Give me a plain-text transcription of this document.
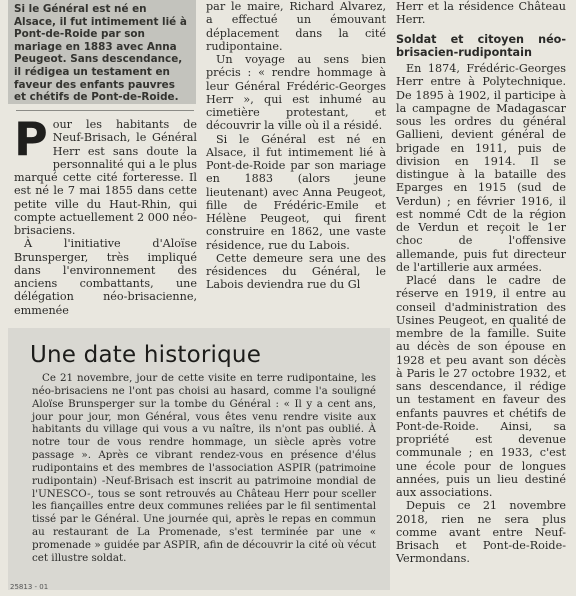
Si le Général est né en Alsace, il fut intimement lié à Pont-de-Roide par son mariage en 1883 avec Anna Peugeot. Sans descendance, il rédigea un testament en faveur des enfants pauvres et chétifs de Pont-de-Roide.

Pour les habitants de Neuf-Brisach, le Général Herr est sans doute la personnalité qui a le plus marqué cette cité forteresse. Il est né le 7 mai 1855 dans cette petite ville du Haut-Rhin, qui compte actuellement 2 000 néo-brisaciens.

À l'initiative d'Aloïse Brunsperger, très impliqué dans l'environnement des anciens combattants, une délégation néo-brisacienne, emmenée

par le maire, Richard Alvarez, a effectué un émouvant déplacement dans la cité rudipontaine.

Un voyage au sens bien précis : « rendre hommage à leur Général Frédéric-Georges Herr », qui est inhumé au cimetière protestant, et découvrir la ville où il a résidé.

Si le Général est né en Alsace, il fut intimement lié à Pont-de-Roide par son mariage en 1883 (alors jeune lieutenant) avec Anna Peugeot, fille de Frédéric-Emile et Hélène Peugeot, qui firent construire en 1862, une vaste résidence, rue du Labois.

Cette demeure sera une des résidences du Général, le Labois deviendra rue du Gl

Herr et la résidence Château Herr.

Soldat et citoyen néo-brisacien-rudipontain

En 1874, Frédéric-Georges Herr entre à Polytechnique. De 1895 à 1902, il participe à la campagne de Madagascar sous les ordres du général Gallieni, devient général de brigade en 1911, puis de division en 1914. Il se distingue à la bataille des Eparges en 1915 (sud de Verdun) ; en février 1916, il est nommé Cdt de la région de Verdun et reçoit le 1er choc de l'offensive allemande, puis fut directeur de l'artillerie aux armées.

Placé dans le cadre de réserve en 1919, il entre au conseil d'administration des Usines Peugeot, en qualité de membre de la famille. Suite au décès de son épouse en 1928 et peu avant son décès à Paris le 27 octobre 1932, et sans descendance, il rédige un testament en faveur des enfants pauvres et chétifs de Pont-de-Roide. Ainsi, sa propriété est devenue communale ; en 1933, c'est une école pour de longues années, puis un lieu destiné aux associations.

Depuis ce 21 novembre 2018, rien ne sera plus comme avant entre Neuf-Brisach et Pont-de-Roide-Vermondans.

Une date historique

Ce 21 novembre, jour de cette visite en terre rudipontaine, les néo-brisaciens ne l'ont pas choisi au hasard, comme l'a souligné Aloïse Brunsperger sur la tombe du Général : « Il y a cent ans, jour pour jour, mon Général, vous êtes venu rendre visite aux habitants du village qui vous a vu naître, ils n'ont pas oublié. À notre tour de vous rendre hommage, un siècle après votre passage ». Après ce vibrant rendez-vous en présence d'élus rudipontains et des membres de l'association ASPIR (patrimoine rudipontain) -Neuf-Brisach est inscrit au patrimoine mondial de l'UNESCO-, tous se sont retrouvés au Château Herr pour sceller les fiançailles entre deux communes reliées par le fil sentimental tissé par le Général. Une journée qui, après le repas en commun au restaurant de La Promenade, s'est terminée par une « promenade » guidée par ASPIR, afin de découvrir la cité où vécut cet illustre soldat.

25813 - 01
